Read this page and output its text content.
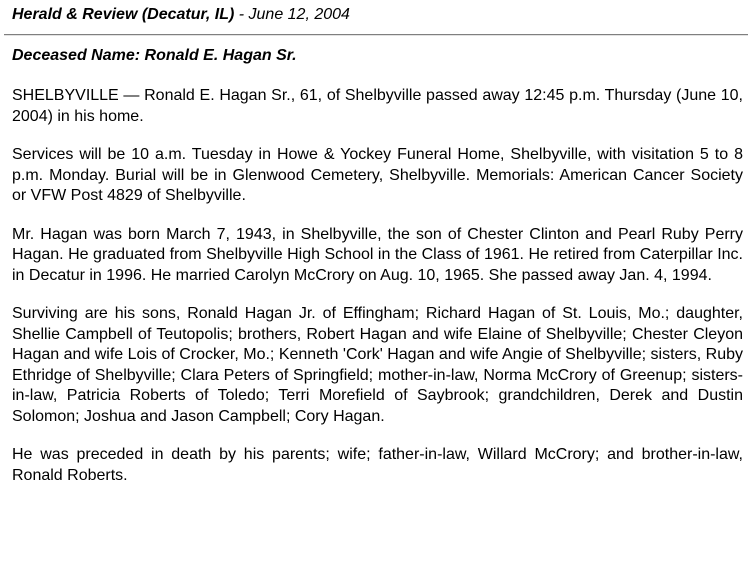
Herald & Review (Decatur, IL) - June 12, 2004
Deceased Name: Ronald E. Hagan Sr.

SHELBYVILLE — Ronald E. Hagan Sr., 61, of Shelbyville passed away 12:45 p.m. Thursday (June 10, 2004) in his home.

Services will be 10 a.m. Tuesday in Howe & Yockey Funeral Home, Shelbyville, with visitation 5 to 8 p.m. Monday. Burial will be in Glenwood Cemetery, Shelbyville. Memorials: American Cancer Society or VFW Post 4829 of Shelbyville.

Mr. Hagan was born March 7, 1943, in Shelbyville, the son of Chester Clinton and Pearl Ruby Perry Hagan. He graduated from Shelbyville High School in the Class of 1961. He retired from Caterpillar Inc. in Decatur in 1996. He married Carolyn McCrory on Aug. 10, 1965. She passed away Jan. 4, 1994.

Surviving are his sons, Ronald Hagan Jr. of Effingham; Richard Hagan of St. Louis, Mo.; daughter, Shellie Campbell of Teutopolis; brothers, Robert Hagan and wife Elaine of Shelbyville; Chester Cleyon Hagan and wife Lois of Crocker, Mo.; Kenneth 'Cork' Hagan and wife Angie of Shelbyville; sisters, Ruby Ethridge of Shelbyville; Clara Peters of Springfield; mother-in-law, Norma McCrory of Greenup; sisters-in-law, Patricia Roberts of Toledo; Terri Morefield of Saybrook; grandchildren, Derek and Dustin Solomon; Joshua and Jason Campbell; Cory Hagan.

He was preceded in death by his parents; wife; father-in-law, Willard McCrory; and brother-in-law, Ronald Roberts.
